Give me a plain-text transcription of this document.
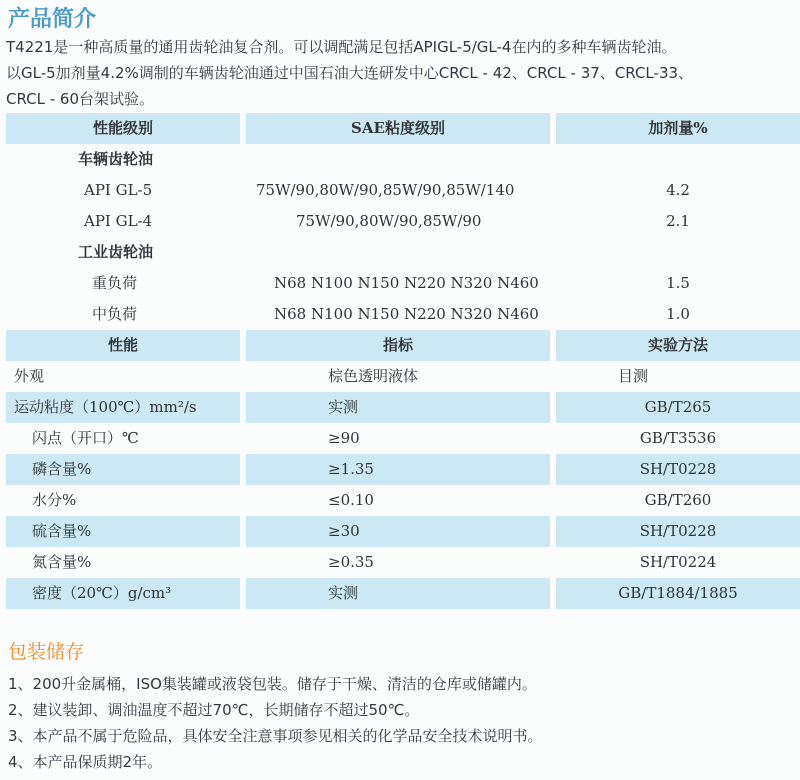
产品简介

T4221是一种高质量的通用齿轮油复合剂。可以调配满足包括APIGL-5/GL-4在内的多种车辆齿轮油。

以GL-5加剂量4.2%调制的车辆齿轮油通过中国石油大连研发中心CRCL - 42、CRCL - 37、CRCL-33、

CRCL - 60台架试验。

性能级别	SAE粘度级别	加剂量%
车辆齿轮油
API GL-5	75W/90,80W/90,85W/90,85W/140	4.2
API GL-4	75W/90,80W/90,85W/90	2.1
工业齿轮油
重负荷	N68 N100 N150 N220 N320 N460	1.5
中负荷	N68 N100 N150 N220 N320 N460	1.0
性能	指标	实验方法
外观	棕色透明液体	目测
运动粘度（100℃）mm²/s	实测	GB/T265
闪点（开口）℃	≥90	GB/T3536
磷含量%	≥1.35	SH/T0228
水分%	≤0.10	GB/T260
硫含量%	≥30	SH/T0228
氮含量%	≥0.35	SH/T0224
密度（20℃）g/cm³	实测	GB/T1884/1885
包装储存
1、200升金属桶，ISO集装罐或液袋包装。储存于干燥、清洁的仓库或储罐内。
2、建议装卸、调油温度不超过70℃，长期储存不超过50℃。
3、本产品不属于危险品，具体安全注意事项参见相关的化学品安全技术说明书。
4、本产品保质期2年。
